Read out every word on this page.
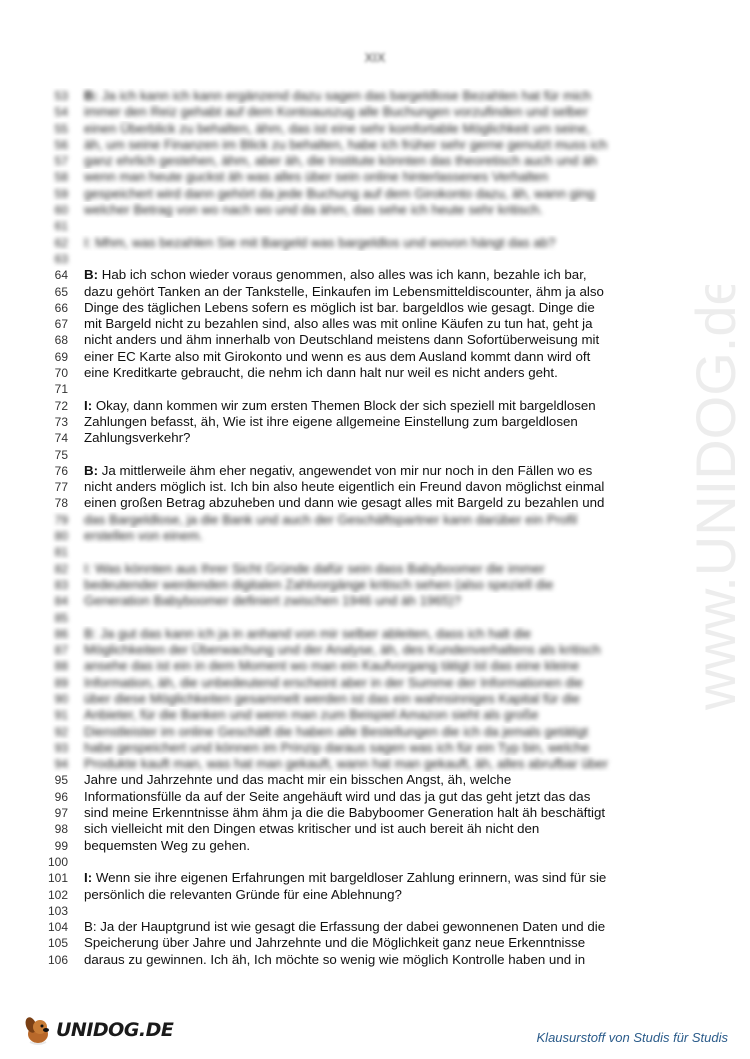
XIX
53 B: Ja ich kann ich kann ergänzend dazu sagen das bargeldlose Bezahlen hat für mich
54 immer den Reiz gehabt auf dem Kontoauszug alle Buchungen vorzufinden und selber
55 einen Überblick zu behalten, ähm, das ist eine sehr komfortable Möglichkeit um seine,
56 äh, um seine Finanzen im Blick zu behalten, habe ich früher sehr gerne genutzt muss ich
57 ganz ehrlich gestehen, ähm, aber äh, die Institute könnten das theoretisch auch und äh
58 wenn man heute guckst äh was alles über sein online hinterlassenes Verhalten
59 gespeichert wird dann gehört da jede Buchung auf dem Girokonto dazu, äh, wann ging
60 welcher Betrag von wo nach wo und da ähm, das sehe ich heute sehr kritisch.
61
62 I: Mhm, was bezahlen Sie mit Bargeld was bargeldlos und wovon hängt das ab?
63
64 B: Hab ich schon wieder voraus genommen, also alles was ich kann, bezahle ich bar,
65 dazu gehört Tanken an der Tankstelle, Einkaufen im Lebensmitteldiscounter, ähm ja also
66 Dinge des täglichen Lebens sofern es möglich ist bar. bargeldlos wie gesagt. Dinge die
67 mit Bargeld nicht zu bezahlen sind, also alles was mit online Käufen zu tun hat, geht ja
68 nicht anders und ähm innerhalb von Deutschland meistens dann Sofortüberweisung mit
69 einer EC Karte also mit Girokonto und wenn es aus dem Ausland kommt dann wird oft
70 eine Kreditkarte gebraucht, die nehm ich dann halt nur weil es nicht anders geht.
71
72 I: Okay, dann kommen wir zum ersten Themen Block der sich speziell mit bargeldlosen
73 Zahlungen befasst, äh, Wie ist ihre eigene allgemeine Einstellung zum bargeldlosen
74 Zahlungsverkehr?
75
76 B: Ja mittlerweile ähm eher negativ, angewendet von mir nur noch in den Fällen wo es
77 nicht anders möglich ist. Ich bin also heute eigentlich ein Freund davon möglichst einmal
78 einen großen Betrag abzuheben und dann wie gesagt alles mit Bargeld zu bezahlen und
79 das Bargeldlose, ja die Bank und auch der Geschäftspartner kann darüber ein Profil
80 erstellen von einem.
81
82 I: Was könnten aus Ihrer Sicht Gründe dafür sein dass Babyboomer die immer
83 bedeutender werdenden digitalen Zahlvorgänge kritisch sehen (also speziell die
84 Generation Babyboomer definiert zwischen 1946 und äh 1965)?
85
86 B: Ja gut das kann ich ja in anhand von mir selber ableiten, dass ich halt die
87 Möglichkeiten der Überwachung und der Analyse, äh, des Kundenverhaltens als kritisch
88 ansehe das ist ein in dem Moment wo man ein Kaufvorgang tätigt ist das eine kleine
89 Information, äh, die unbedeutend erscheint aber in der Summe der Informationen die
90 über diese Möglichkeiten gesammelt werden ist das ein wahnsinniges Kapital für die
91 Anbieter, für die Banken und wenn man zum Beispiel Amazon sieht als große
92 Dienstleister im online Geschäft die haben alle Bestellungen die ich da jemals getätigt
93 habe gespeichert und können im Prinzip daraus sagen was ich für ein Typ bin, welche
94 Produkte kauft man, was hat man gekauft, wann hat man gekauft, äh, alles abrufbar über
95 Jahre und Jahrzehnte und das macht mir ein bisschen Angst, äh, welche
96 Informationsfülle da auf der Seite angehäuft wird und das ja gut das geht jetzt das das
97 sind meine Erkenntnisse ähm ähm ja die die Babyboomer Generation halt äh beschäftigt
98 sich vielleicht mit den Dingen etwas kritischer und ist auch bereit äh nicht den
99 bequemsten Weg zu gehen.
100
101 I: Wenn sie ihre eigenen Erfahrungen mit bargeldloser Zahlung erinnern, was sind für sie
102 persönlich die relevanten Gründe für eine Ablehnung?
103
104 B: Ja der Hauptgrund ist wie gesagt die Erfassung der dabei gewonnenen Daten und die
105 Speicherung über Jahre und Jahrzehnte und die Möglichkeit ganz neue Erkenntnisse
106 daraus zu gewinnen. Ich äh, Ich möchte so wenig wie möglich Kontrolle haben und in
www.UNIDOG.de
UNIDOG.DE	Klausurstoff von Studis für Studis
